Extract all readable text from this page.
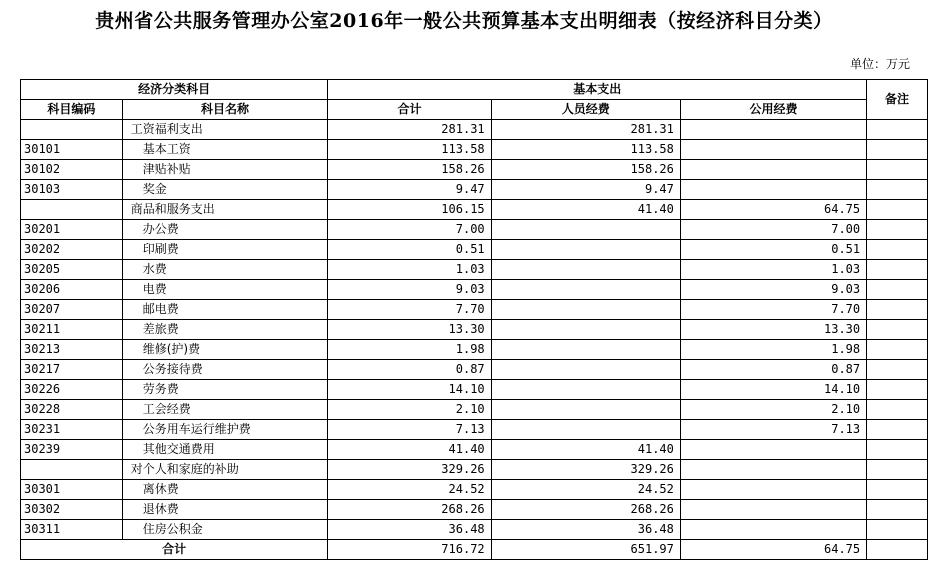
贵州省公共服务管理办公室2016年一般公共预算基本支出明细表（按经济科目分类）
单位：万元
经济分类科目		基本支出			备注
科目编码	科目名称	合计	人员经费	公用经费	
	工资福利支出	281.31	281.31		
30101	基本工资	113.58	113.58		
30102	津贴补贴	158.26	158.26		
30103	奖金	9.47	9.47		
	商品和服务支出	106.15	41.40	64.75	
30201	办公费	7.00		7.00	
30202	印刷费	0.51		0.51	
30205	水费	1.03		1.03	
30206	电费	9.03		9.03	
30207	邮电费	7.70		7.70	
30211	差旅费	13.30		13.30	
30213	维修(护)费	1.98		1.98	
30217	公务接待费	0.87		0.87	
30226	劳务费	14.10		14.10	
30228	工会经费	2.10		2.10	
30231	公务用车运行维护费	7.13		7.13	
30239	其他交通费用	41.40	41.40		
	对个人和家庭的补助	329.26	329.26		
30301	离休费	24.52	24.52		
30302	退休费	268.26	268.26		
30311	住房公积金	36.48	36.48		
合计		716.72	651.97	64.75	
